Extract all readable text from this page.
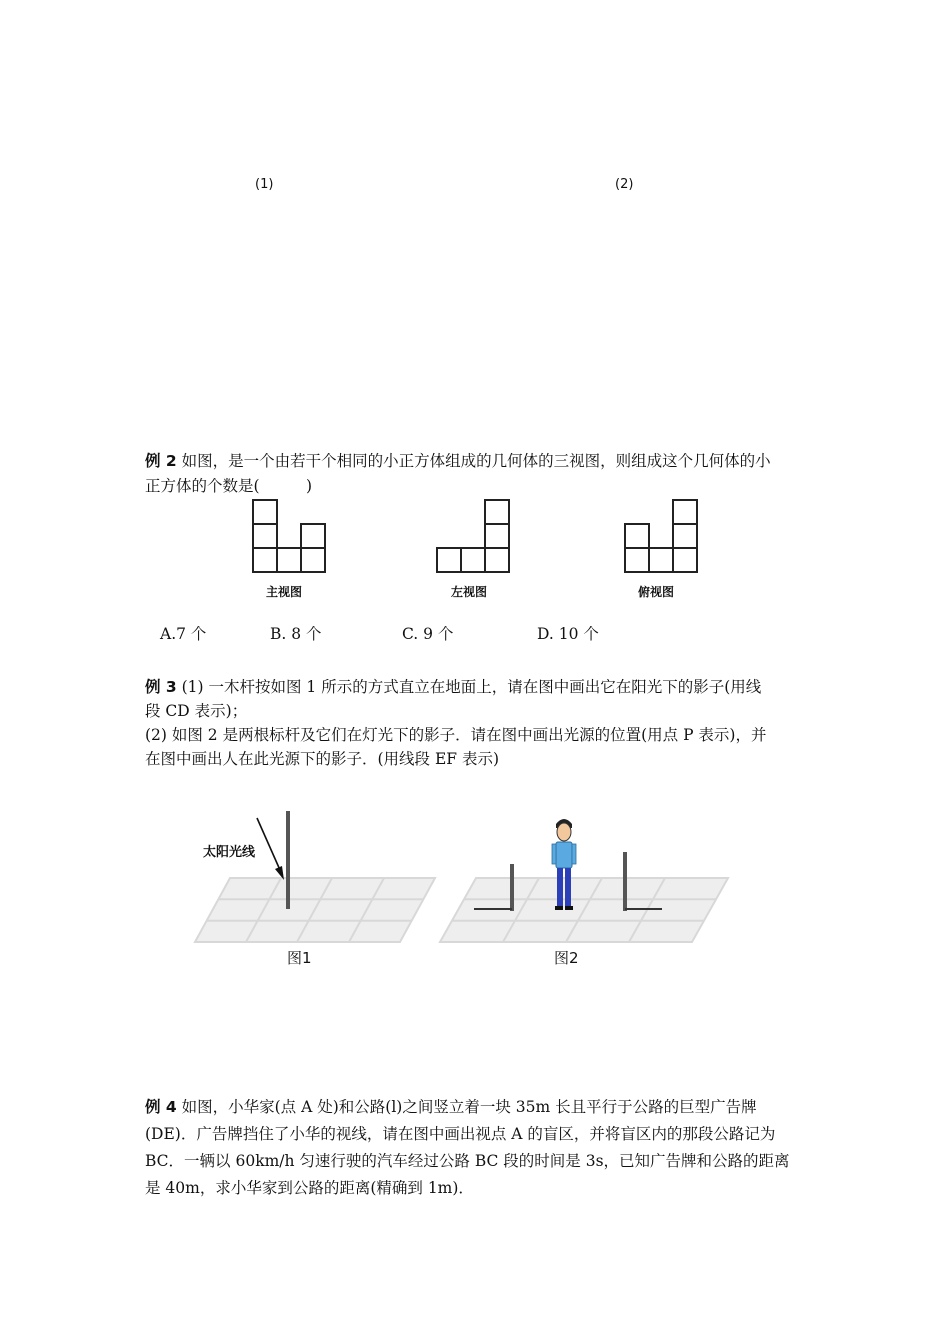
(1)	(2)
例 2 如图，是一个由若干个相同的小正方体组成的几何体的三视图，则组成这个几何体的小
正方体的个数是(　　　)
主视图	左视图	俯视图
A.7 个	B. 8 个	C. 9 个	D. 10 个
例 3 (1) 一木杆按如图 1 所示的方式直立在地面上，请在图中画出它在阳光下的影子(用线
段 CD 表示)；
(2) 如图 2 是两根标杆及它们在灯光下的影子．请在图中画出光源的位置(用点 P 表示)，并
在图中画出人在此光源下的影子．(用线段 EF 表示)
太阳光线
图1	图2
例 4 如图，小华家(点 A 处)和公路(l)之间竖立着一块 35m 长且平行于公路的巨型广告牌
(DE)．广告牌挡住了小华的视线，请在图中画出视点 A 的盲区，并将盲区内的那段公路记为
BC．一辆以 60km/h 匀速行驶的汽车经过公路 BC 段的时间是 3s，已知广告牌和公路的距离
是 40m，求小华家到公路的距离(精确到 1m)．
